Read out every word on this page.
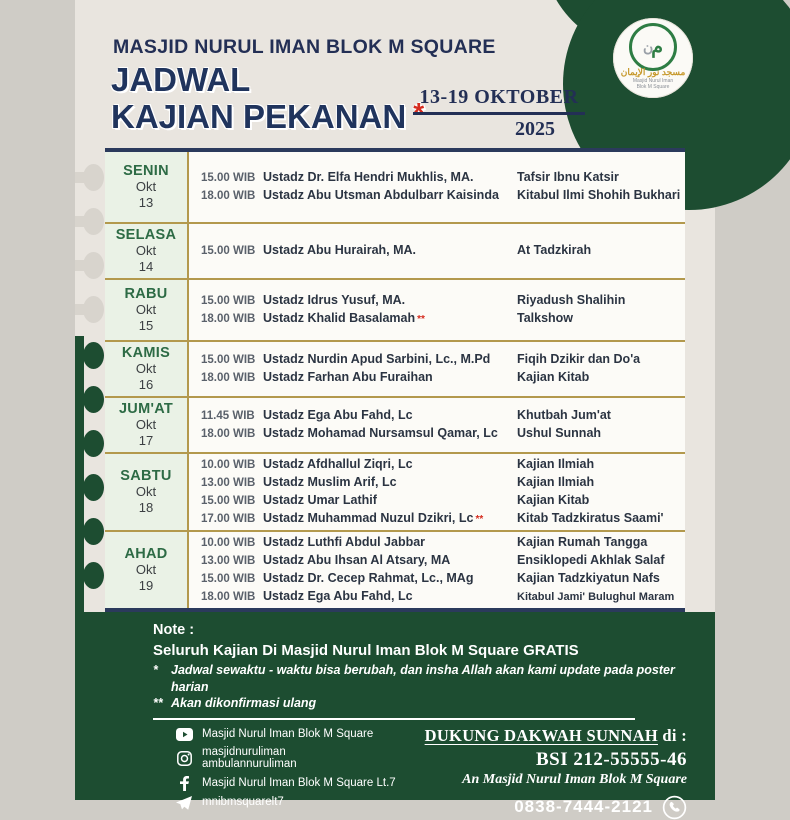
ن
م
مسجد نور الإيمان
Masjid Nurul Iman
Blok M Square
MASJID NURUL IMAN BLOK M SQUARE
JADWAL
KAJIAN PEKANAN *
13-19 OKTOBER
2025
SENIN
Okt
13
15.00 WIB Ustadz Dr. Elfa Hendri Mukhlis, MA.	Tafsir Ibnu Katsir
18.00 WIB Ustadz Abu Utsman Abdulbarr Kaisinda	Kitabul Ilmi Shohih Bukhari
SELASA
Okt
14
15.00 WIB Ustadz Abu Hurairah, MA.	At Tadzkirah
RABU
Okt
15
15.00 WIB Ustadz Idrus Yusuf, MA.	Riyadush Shalihin
18.00 WIB Ustadz Khalid Basalamah **	Talkshow
KAMIS
Okt
16
15.00 WIB Ustadz Nurdin Apud Sarbini, Lc., M.Pd	Fiqih Dzikir dan Do'a
18.00 WIB Ustadz Farhan Abu Furaihan	Kajian Kitab
JUM'AT
Okt
17
11.45 WIB Ustadz Ega Abu Fahd, Lc	Khutbah Jum'at
18.00 WIB Ustadz Mohamad Nursamsul Qamar, Lc	Ushul Sunnah
SABTU
Okt
18
10.00 WIB Ustadz Afdhallul Ziqri, Lc	Kajian Ilmiah
13.00 WIB Ustadz Muslim Arif, Lc	Kajian Ilmiah
15.00 WIB Ustadz Umar Lathif	Kajian Kitab
17.00 WIB Ustadz Muhammad Nuzul Dzikri, Lc **	Kitab Tadzkiratus Saami'
AHAD
Okt
19
10.00 WIB Ustadz Luthfi Abdul Jabbar	Kajian Rumah Tangga
13.00 WIB Ustadz Abu Ihsan Al Atsary, MA	Ensiklopedi Akhlak Salaf
15.00 WIB Ustadz Dr. Cecep Rahmat, Lc., MAg	Kajian Tadzkiyatun Nafs
18.00 WIB Ustadz Ega Abu Fahd, Lc	Kitabul Jami' Bulughul Maram
Note :
Seluruh Kajian Di Masjid Nurul Iman Blok M Square GRATIS
*	Jadwal sewaktu - waktu bisa berubah, dan insha Allah akan kami update pada poster harian
** Akan dikonfirmasi ulang
Masjid Nurul Iman Blok M Square
masjidnuruliman
ambulannuruliman
Masjid Nurul Iman Blok M Square Lt.7
mnibmsquarelt7
DUKUNG DAKWAH SUNNAH di :
BSI 212-55555-46
An Masjid Nurul Iman Blok M Square
0838-7444-2121
